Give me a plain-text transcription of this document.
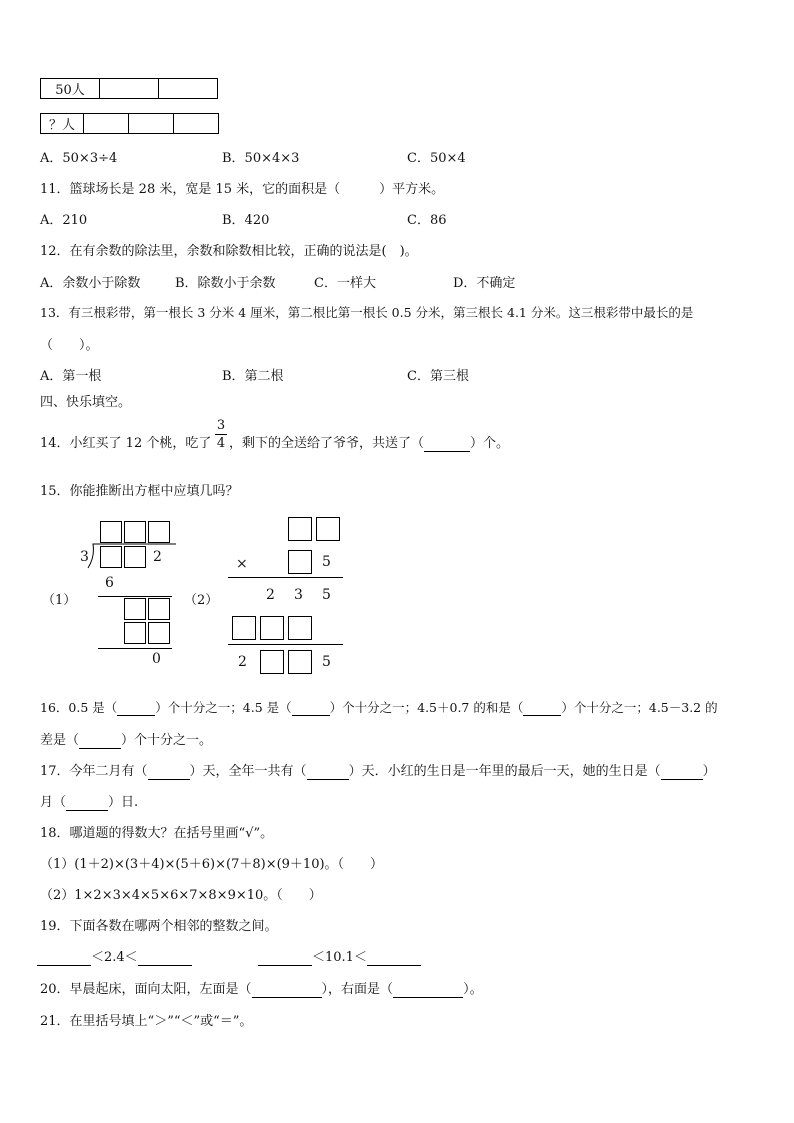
50人		
？人			
A．50×3÷4	B．50×4×3	C．50×4
11．篮球场长是 28 米，宽是 15 米，它的面积是（　　　）平方米。
A．210	B．420	C．86
12．在有余数的除法里，余数和除数相比较，正确的说法是(　)。
A．余数小于除数	B．除数小于余数	C．一样大	D．不确定
13．有三根彩带，第一根长 3 分米 4 厘米，第二根比第一根长 0.5 分米，第三根长 4.1 分米。这三根彩带中最长的是
（　　）。
A．第一根	B．第二根	C．第三根
四、快乐填空。
14．小红买了 12 个桃，吃了
3
4 ，剩下的全送给了爷爷，共送了（	）个。
15．你能推断出方框中应填几吗？
（1）
3	2
6
0
（2）
×	5
2 3 5
2	5
16．0.5 是（	）个十分之一；4.5 是（	）个十分之一；4.5＋0.7 的和是（	）个十分之一；4.5－3.2 的
差是（	）个十分之一。
17．今年二月有（	）天，全年一共有（	）天．小红的生日是一年里的最后一天，她的生日是（	）
月（	）日.
18．哪道题的得数大？在括号里画“√”。
（1）(1＋2)×(3＋4)×(5＋6)×(7＋8)×(9＋10)。（　　）
（2）1×2×3×4×5×6×7×8×9×10。（　　）
19．下面各数在哪两个相邻的整数之间。
＜2.4＜	＜10.1＜
20．早晨起床，面向太阳，左面是（	），右面是（	）。
21．在里括号填上“＞”“＜”或“＝”。
